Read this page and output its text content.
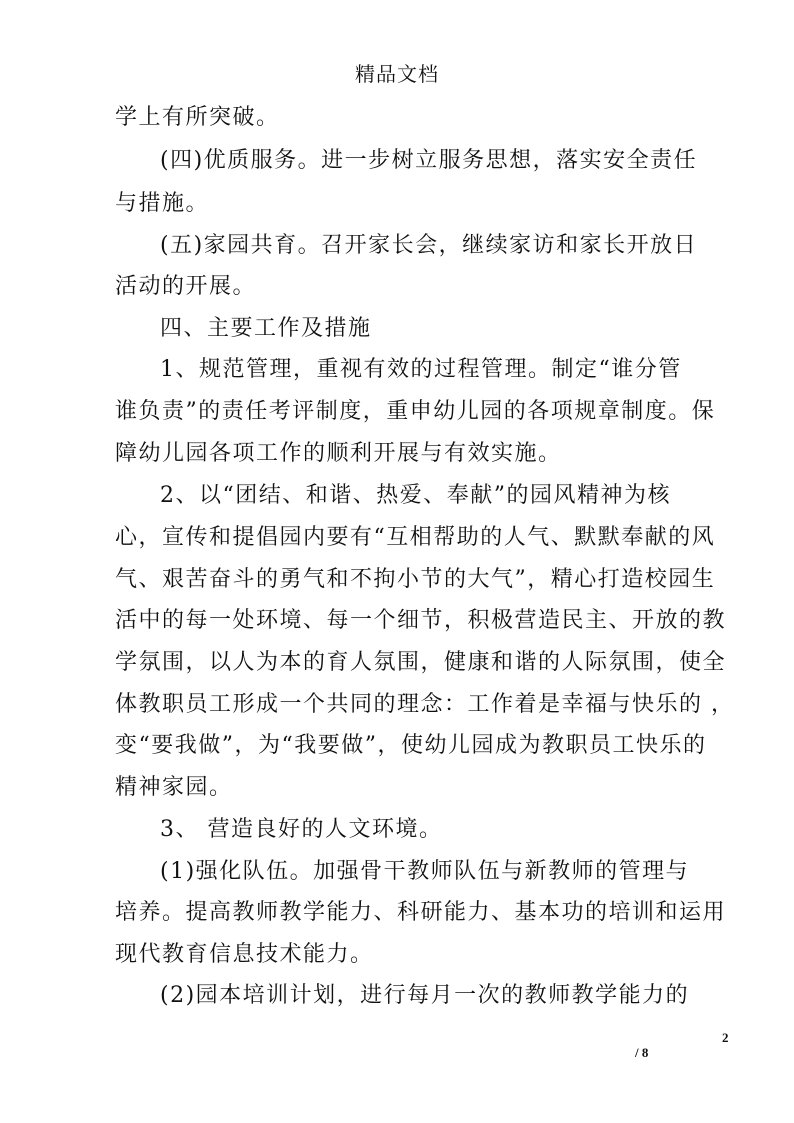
精品文档
学上有所突破。
(四)优质服务。进一步树立服务思想，落实安全责任
与措施。
(五)家园共育。召开家长会，继续家访和家长开放日
活动的开展。
四、主要工作及措施
1、规范管理，重视有效的过程管理。制定“谁分管
谁负责”的责任考评制度，重申幼儿园的各项规章制度。保
障幼儿园各项工作的顺利开展与有效实施。
2、以“团结、和谐、热爱、奉献”的园风精神为核
心，宣传和提倡园内要有“互相帮助的人气、默默奉献的风
气、艰苦奋斗的勇气和不拘小节的大气”，精心打造校园生
活中的每一处环境、每一个细节，积极营造民主、开放的教
学氛围，以人为本的育人氛围，健康和谐的人际氛围，使全
体教职员工形成一个共同的理念：工作着是幸福与快乐的 ，
变“要我做”，为“我要做”，使幼儿园成为教职员工快乐的
精神家园。
3、 营造良好的人文环境。
(1)强化队伍。加强骨干教师队伍与新教师的管理与
培养。提高教师教学能力、科研能力、基本功的培训和运用
现代教育信息技术能力。
(2)园本培训计划，进行每月一次的教师教学能力的
2
/ 8
